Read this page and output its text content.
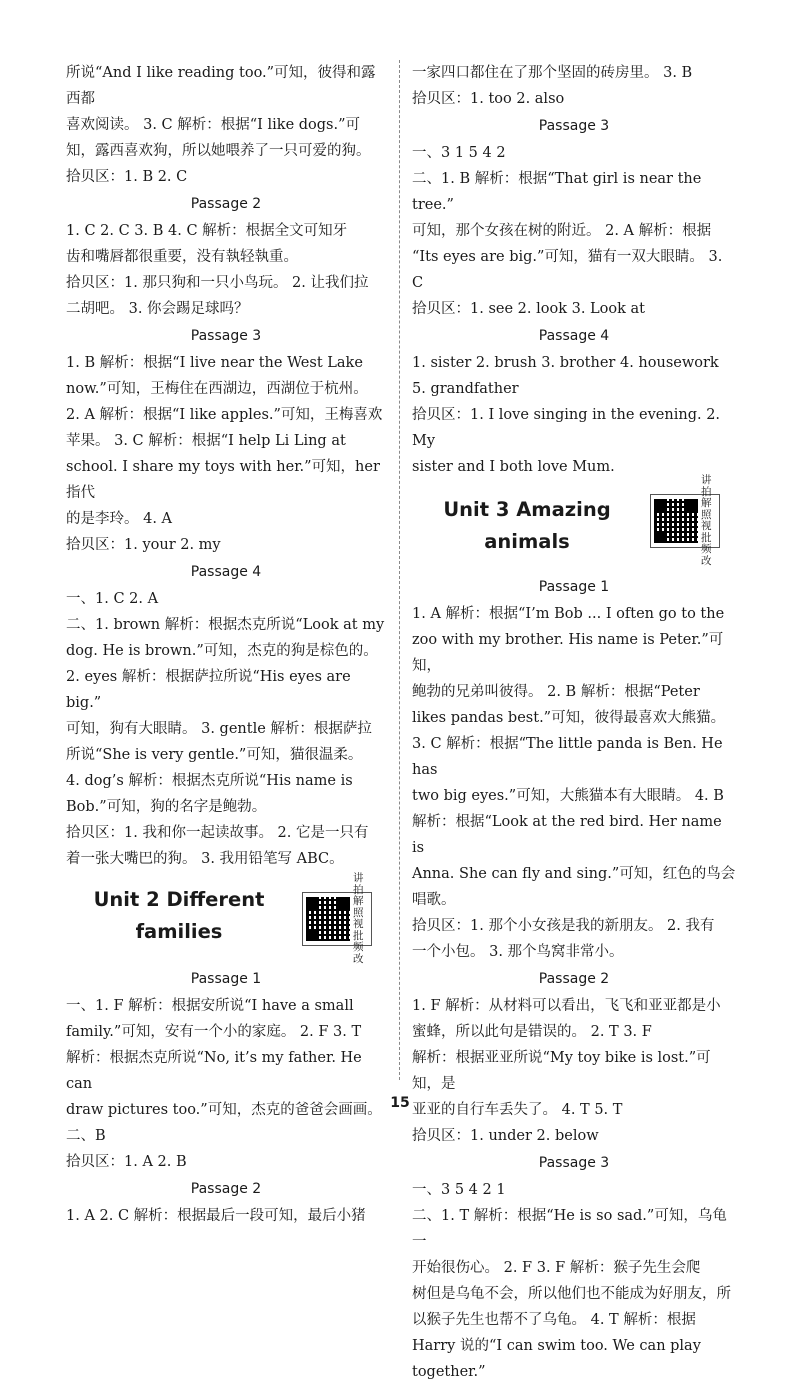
所说“And I like reading too.”可知，彼得和露西都

喜欢阅读。 3. C 解析：根据“I like dogs.”可

知，露西喜欢狗，所以她喂养了一只可爱的狗。

拾贝区：1. B 2. C

Passage 2

1. C 2. C 3. B 4. C 解析：根据全文可知牙

齿和嘴唇都很重要，没有執轻執重。

拾贝区：1. 那只狗和一只小鸟玩。 2. 让我们拉

二胡吧。 3. 你会踢足球吗？

Passage 3

1. B 解析：根据“I live near the West Lake

now.”可知，王梅住在西湖边，西湖位于杭州。

2. A 解析：根据“I like apples.”可知，王梅喜欢

苹果。 3. C 解析：根据“I help Li Ling at

school. I share my toys with her.”可知，her 指代

的是李玲。 4. A

拾贝区：1. your 2. my

Passage 4

一、1. C 2. A

二、1. brown 解析：根据杰克所说“Look at my

dog. He is brown.”可知，杰克的狗是棕色的。

2. eyes 解析：根据萨拉所说“His eyes are big.”

可知，狗有大眼睛。 3. gentle 解析：根据萨拉

所说“She is very gentle.”可知，猫很温柔。

4. dog’s 解析：根据杰克所说“His name is

Bob.”可知，狗的名字是鲍勃。

拾贝区：1. 我和你一起读故事。 2. 它是一只有

着一张大嘴巴的狗。 3. 我用铅笔写 ABC。

Unit 2 Different
families
讲拍解照视批频改
Passage 1

一、1. F 解析：根据安所说“I have a small

family.”可知，安有一个小的家庭。 2. F 3. T

解析：根据杰克所说“No, it’s my father. He can

draw pictures too.”可知，杰克的爸爸会画画。

二、B

拾贝区：1. A 2. B

Passage 2

1. A 2. C 解析：根据最后一段可知，最后小猪

一家四口都住在了那个坚固的砖房里。 3. B

拾贝区：1. too 2. also

Passage 3

一、3 1 5 4 2

二、1. B 解析：根据“That girl is near the tree.”

可知，那个女孩在树的附近。 2. A 解析：根据

“Its eyes are big.”可知，猫有一双大眼睛。 3. C

拾贝区：1. see 2. look 3. Look at

Passage 4

1. sister 2. brush 3. brother 4. housework

5. grandfather

拾贝区：1. I love singing in the evening. 2. My

sister and I both love Mum.

Unit 3 Amazing
animals
讲拍解照视批频改
Passage 1

1. A 解析：根据“I’m Bob ... I often go to the

zoo with my brother. His name is Peter.”可知，

鲍勃的兄弟叫彼得。 2. B 解析：根据“Peter

likes pandas best.”可知，彼得最喜欢大熊猫。

3. C 解析：根据“The little panda is Ben. He has

two big eyes.”可知，大熊猫本有大眼睛。 4. B

解析：根据“Look at the red bird. Her name is

Anna. She can fly and sing.”可知，红色的鸟会唱歌。

拾贝区：1. 那个小女孩是我的新朋友。 2. 我有

一个小包。 3. 那个鸟窝非常小。

Passage 2

1. F 解析：从材料可以看出，飞飞和亚亚都是小

蜜蜂，所以此句是错误的。 2. T 3. F

解析：根据亚亚所说“My toy bike is lost.”可知，是

亚亚的自行车丢失了。 4. T 5. T

拾贝区：1. under 2. below

Passage 3

一、3 5 4 2 1

二、1. T 解析：根据“He is so sad.”可知，乌龟一

开始很伤心。 2. F 3. F 解析：猴子先生会爬

树但是乌龟不会，所以他们也不能成为好朋友，所

以猴子先生也帮不了乌龟。 4. T 解析：根据

Harry 说的“I can swim too. We can play together.”

15
